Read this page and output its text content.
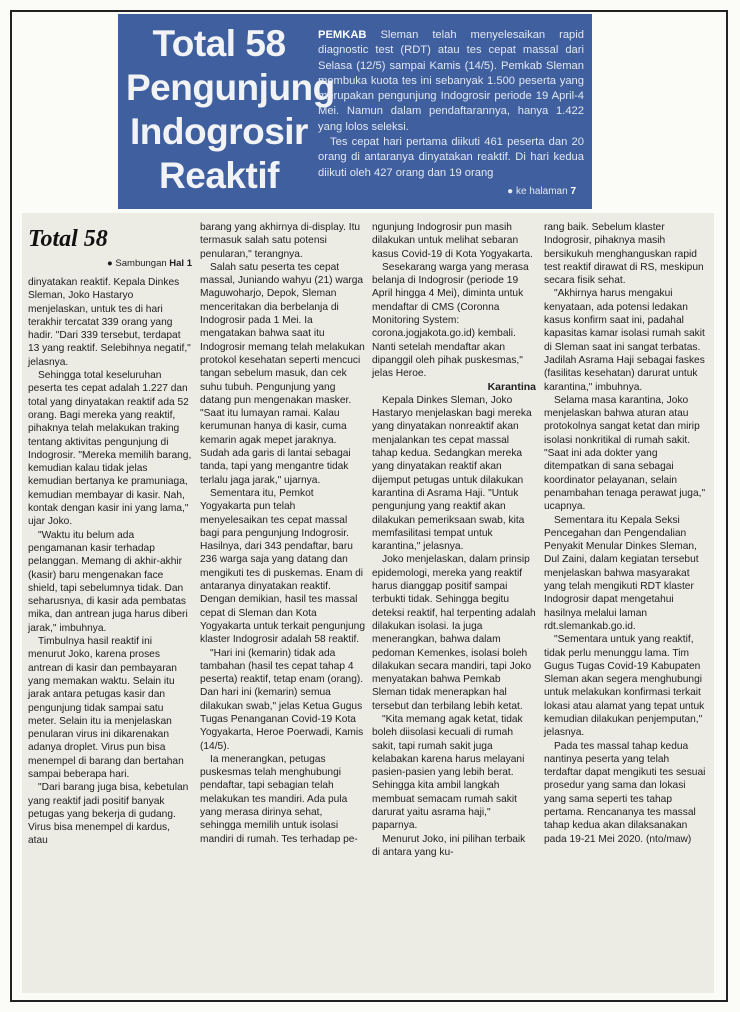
Total 58
Pengunjung
Indogrosir
Reaktif

PEMKAB Sleman telah menyelesaikan rapid diagnostic test (RDT) atau tes cepat massal dari Selasa (12/5) sampai Kamis (14/5). Pemkab Sleman membuka kuota tes ini sebanyak 1.500 peserta yang merupakan pengunjung Indogrosir periode 19 April-4 Mei. Namun dalam pendaftarannya, hanya 1.422 yang lolos seleksi.

Tes cepat hari pertama diikuti 461 peserta dan 20 orang di antaranya dinyatakan reaktif. Di hari kedua diikuti oleh 427 orang dan 19 orang

● ke halaman 7
Total 58
● Sambungan Hal 1

dinyatakan reaktif. Kepala Dinkes Sleman, Joko Hastaryo menjelaskan, untuk tes di hari terakhir tercatat 339 orang yang hadir. "Dari 339 tersebut, terdapat 13 yang reaktif. Selebihnya negatif," jelasnya.

Sehingga total keseluruhan peserta tes cepat adalah 1.227 dan total yang dinyatakan reaktif ada 52 orang. Bagi mereka yang reaktif, pihaknya telah melakukan traking tentang aktivitas pengunjung di Indogrosir. "Mereka memilih barang, kemudian kalau tidak jelas kemudian bertanya ke pramuniaga, kemudian membayar di kasir. Nah, kontak dengan kasir ini yang lama," ujar Joko.

"Waktu itu belum ada pengamanan kasir terhadap pelanggan. Memang di akhir-akhir (kasir) baru mengenakan face shield, tapi sebelumnya tidak. Dan seharusnya, di kasir ada pembatas mika, dan antrean juga harus diberi jarak," imbuhnya.

Timbulnya hasil reaktif ini menurut Joko, karena proses antrean di kasir dan pembayaran yang memakan waktu. Selain itu jarak antara petugas kasir dan pengunjung tidak sampai satu meter. Selain itu ia menjelaskan penularan virus ini dikarenakan adanya droplet. Virus pun bisa menempel di barang dan bertahan sampai beberapa hari.

"Dari barang juga bisa, kebetulan yang reaktif jadi positif banyak petugas yang bekerja di gudang. Virus bisa menempel di kardus, atau

barang yang akhirnya di-display. Itu termasuk salah satu potensi penularan," terangnya.

Salah satu peserta tes cepat massal, Juniando wahyu (21) warga Maguwoharjo, Depok, Sleman menceritakan dia berbelanja di Indogrosir pada 1 Mei. Ia mengatakan bahwa saat itu Indogrosir memang telah melakukan protokol kesehatan seperti mencuci tangan sebelum masuk, dan cek suhu tubuh. Pengunjung yang datang pun mengenakan masker. "Saat itu lumayan ramai. Kalau kerumunan hanya di kasir, cuma kemarin agak mepet jaraknya. Sudah ada garis di lantai sebagai tanda, tapi yang mengantre tidak terlalu jaga jarak," ujarnya.

Sementara itu, Pemkot Yogyakarta pun telah menyelesaikan tes cepat massal bagi para pengunjung Indogrosir. Hasilnya, dari 343 pendaftar, baru 236 warga saja yang datang dan mengikuti tes di puskemas. Enam di antaranya dinyatakan reaktif. Dengan demikian, hasil tes massal cepat di Sleman dan Kota Yogyakarta untuk terkait pengunjung klaster Indogrosir adalah 58 reaktif.

"Hari ini (kemarin) tidak ada tambahan (hasil tes cepat tahap 4 peserta) reaktif, tetap enam (orang). Dan hari ini (kemarin) semua dilakukan swab," jelas Ketua Gugus Tugas Penanganan Covid-19 Kota Yogyakarta, Heroe Poerwadi, Kamis (14/5).

Ia menerangkan, petugas puskesmas telah menghubungi pendaftar, tapi sebagian telah melakukan tes mandiri. Ada pula yang merasa dirinya sehat, sehingga memilih untuk isolasi mandiri di rumah. Tes terhadap pe-

ngunjung Indogrosir pun masih dilakukan untuk melihat sebaran kasus Covid-19 di Kota Yogyakarta.

Sesekarang warga yang merasa belanja di Indogrosir (periode 19 April hingga 4 Mei), diminta untuk mendaftar di CMS (Coronna Monitoring System: corona.jogjakota.go.id) kembali. Nanti setelah mendaftar akan dipanggil oleh pihak puskesmas," jelas Heroe.

Karantina

Kepala Dinkes Sleman, Joko Hastaryo menjelaskan bagi mereka yang dinyatakan nonreaktif akan menjalankan tes cepat massal tahap kedua. Sedangkan mereka yang dinyatakan reaktif akan dijemput petugas untuk dilakukan karantina di Asrama Haji. "Untuk pengunjung yang reaktif akan dilakukan pemeriksaan swab, kita memfasilitasi tempat untuk karantina," jelasnya.

Joko menjelaskan, dalam prinsip epidemologi, mereka yang reaktif harus dianggap positif sampai terbukti tidak. Sehingga begitu deteksi reaktif, hal terpenting adalah dilakukan isolasi. Ia juga menerangkan, bahwa dalam pedoman Kemenkes, isolasi boleh dilakukan secara mandiri, tapi Joko menyatakan bahwa Pemkab Sleman tidak menerapkan hal tersebut dan terbilang lebih ketat.

"Kita memang agak ketat, tidak boleh diisolasi kecuali di rumah sakit, tapi rumah sakit juga kelabakan karena harus melayani pasien-pasien yang lebih berat. Sehingga kita ambil langkah membuat semacam rumah sakit darurat yaitu asrama haji," paparnya.

Menurut Joko, ini pilihan terbaik di antara yang ku-

rang baik. Sebelum klaster Indogrosir, pihaknya masih bersikukuh menghanguskan rapid test reaktif dirawat di RS, meskipun secara fisik sehat.

"Akhirnya harus mengakui kenyataan, ada potensi ledakan kasus konfirm saat ini, padahal kapasitas kamar isolasi rumah sakit di Sleman saat ini sangat terbatas. Jadilah Asrama Haji sebagai faskes (fasilitas kesehatan) darurat untuk karantina," imbuhnya.

Selama masa karantina, Joko menjelaskan bahwa aturan atau protokolnya sangat ketat dan mirip isolasi nonkritikal di rumah sakit. "Saat ini ada dokter yang ditempatkan di sana sebagai koordinator pelayanan, selain penambahan tenaga perawat juga," ucapnya.

Sementara itu Kepala Seksi Pencegahan dan Pengendalian Penyakit Menular Dinkes Sleman, Dul Zaini, dalam kegiatan tersebut menjelaskan bahwa masyarakat yang telah mengikuti RDT klaster Indogrosir dapat mengetahui hasilnya melalui laman rdt.slemankab.go.id.

"Sementara untuk yang reaktif, tidak perlu menunggu lama. Tim Gugus Tugas Covid-19 Kabupaten Sleman akan segera menghubungi untuk melakukan konfirmasi terkait lokasi atau alamat yang tepat untuk kemudian dilakukan penjemputan," jelasnya.

Pada tes massal tahap kedua nantinya peserta yang telah terdaftar dapat mengikuti tes sesuai prosedur yang sama dan lokasi yang sama seperti tes tahap pertama. Rencananya tes massal tahap kedua akan dilaksanakan pada 19-21 Mei 2020. (nto/maw)
